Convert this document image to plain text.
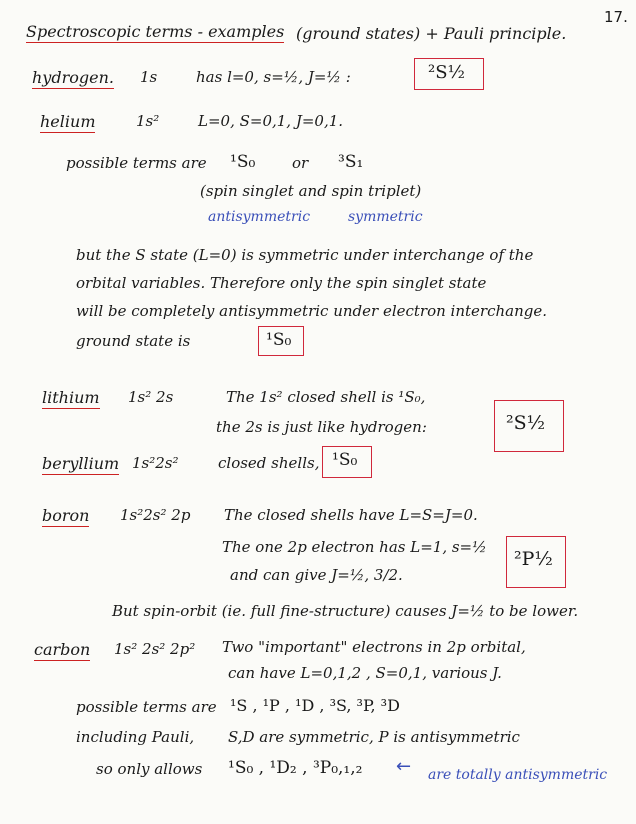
17.
Spectroscopic terms - examples (ground states) + Pauli principle.
hydrogen. 1s	has l=0, s=½, J=½ :	²S½
helium	1s²	L=0, S=0,1, J=0,1.
possible terms are ¹S₀ or ³S₁
(spin singlet and spin triplet)
antisymmetric	symmetric
but the S state (L=0) is symmetric under interchange of the
orbital variables. Therefore only the spin singlet state
will be completely antisymmetric under electron interchange.
ground state is	¹S₀
lithium 1s² 2s	The 1s² closed shell is ¹S₀,
the 2s is just like hydrogen:	²S½
beryllium 1s²2s²	closed shells, ¹S₀
boron 1s²2s² 2p The closed shells have L=S=J=0.
The one 2p electron has L=1, s=½
and can give J=½, 3/2.
²P½
But spin-orbit (ie. full fine-structure) causes J=½ to be lower.
carbon 1s² 2s² 2p² Two "important" electrons in 2p orbital,
can have L=0,1,2 , S=0,1, various J.
possible terms are ¹S , ¹P , ¹D , ³S, ³P, ³D
including Pauli, S,D are symmetric, P is antisymmetric
so only allows ¹S₀ , ¹D₂ , ³P₀,₁,₂ ← are totally antisymmetric
